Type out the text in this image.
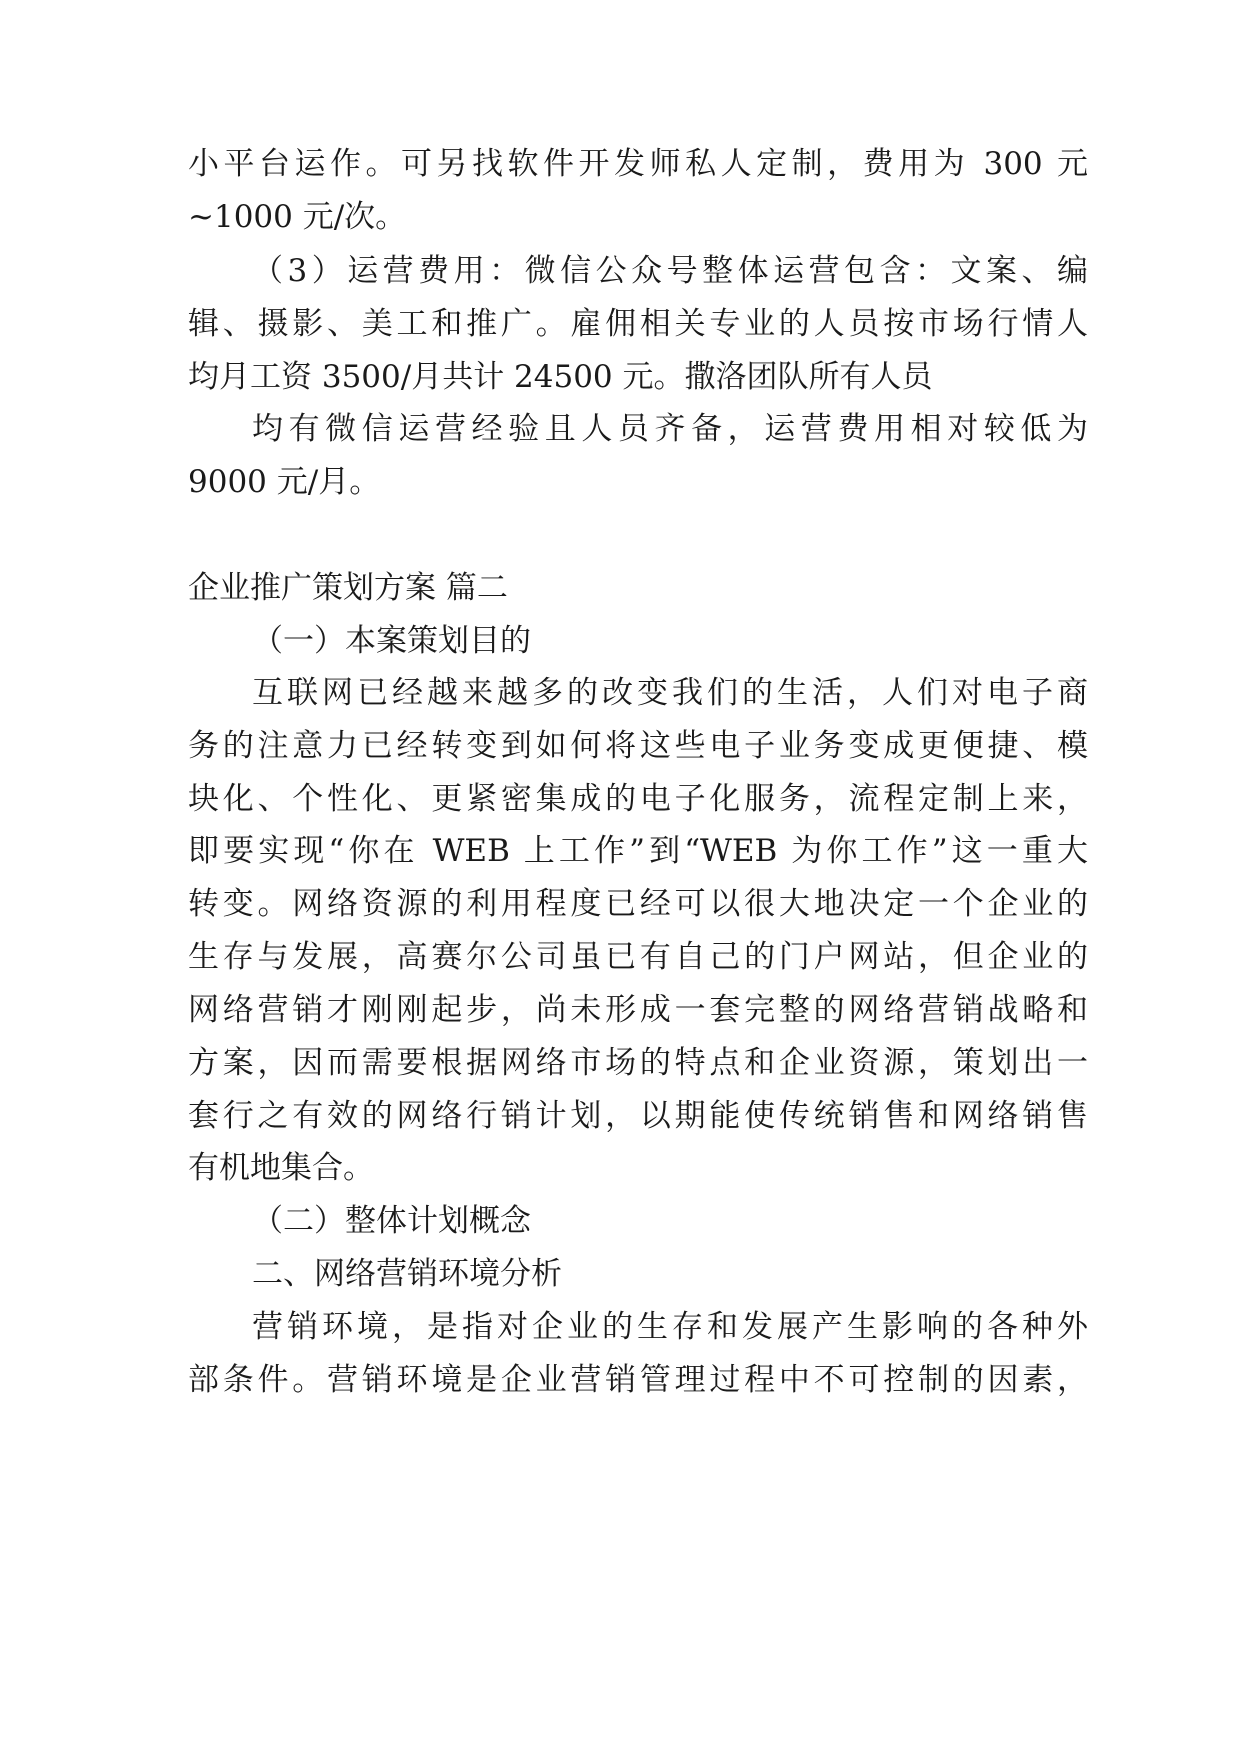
小平台运作。可另找软件开发师私人定制，费用为 300 元

~1000 元/次。

（3）运营费用：微信公众号整体运营包含：文案、编

辑、摄影、美工和推广。雇佣相关专业的人员按市场行情人

均月工资 3500/月共计 24500 元。撒洛团队所有人员

均有微信运营经验且人员齐备，运营费用相对较低为

9000 元/月。

企业推广策划方案 篇二

（一）本案策划目的

互联网已经越来越多的改变我们的生活，人们对电子商

务的注意力已经转变到如何将这些电子业务变成更便捷、模

块化、个性化、更紧密集成的电子化服务，流程定制上来，

即要实现“你在 WEB 上工作”到“WEB 为你工作”这一重大

转变。网络资源的利用程度已经可以很大地决定一个企业的

生存与发展，高赛尔公司虽已有自己的门户网站，但企业的

网络营销才刚刚起步，尚未形成一套完整的网络营销战略和

方案，因而需要根据网络市场的特点和企业资源，策划出一

套行之有效的网络行销计划，以期能使传统销售和网络销售

有机地集合。

（二）整体计划概念

二、网络营销环境分析

营销环境，是指对企业的生存和发展产生影响的各种外

部条件。营销环境是企业营销管理过程中不可控制的因素，
